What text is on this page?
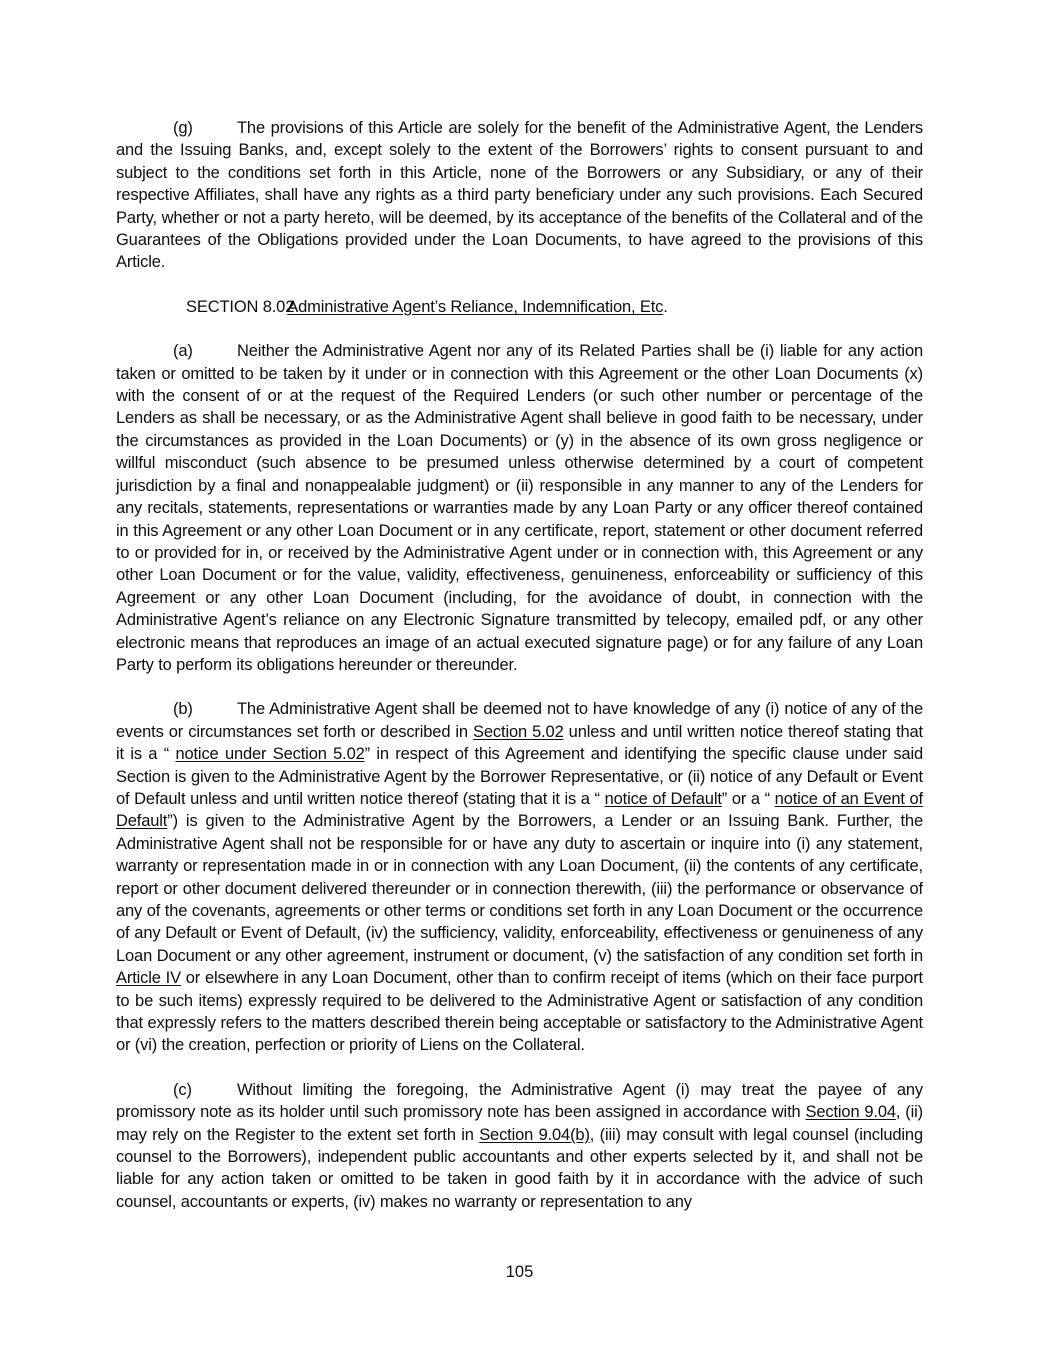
(g)	The provisions of this Article are solely for the benefit of the Administrative Agent, the Lenders and the Issuing Banks, and, except solely to the extent of the Borrowers’ rights to consent pursuant to and subject to the conditions set forth in this Article, none of the Borrowers or any Subsidiary, or any of their respective Affiliates, shall have any rights as a third party beneficiary under any such provisions. Each Secured Party, whether or not a party hereto, will be deemed, by its acceptance of the benefits of the Collateral and of the Guarantees of the Obligations provided under the Loan Documents, to have agreed to the provisions of this Article.

SECTION 8.02Administrative Agent’s Reliance, Indemnification, Etc.

(a)	Neither the Administrative Agent nor any of its Related Parties shall be (i) liable for any action taken or omitted to be taken by it under or in connection with this Agreement or the other Loan Documents (x) with the consent of or at the request of the Required Lenders (or such other number or percentage of the Lenders as shall be necessary, or as the Administrative Agent shall believe in good faith to be necessary, under the circumstances as provided in the Loan Documents) or (y) in the absence of its own gross negligence or willful misconduct (such absence to be presumed unless otherwise determined by a court of competent jurisdiction by a final and nonappealable judgment) or (ii) responsible in any manner to any of the Lenders for any recitals, statements, representations or warranties made by any Loan Party or any officer thereof contained in this Agreement or any other Loan Document or in any certificate, report, statement or other document referred to or provided for in, or received by the Administrative Agent under or in connection with, this Agreement or any other Loan Document or for the value, validity, effectiveness, genuineness, enforceability or sufficiency of this Agreement or any other Loan Document (including, for the avoidance of doubt, in connection with the Administrative Agent’s reliance on any Electronic Signature transmitted by telecopy, emailed pdf, or any other electronic means that reproduces an image of an actual executed signature page) or for any failure of any Loan Party to perform its obligations hereunder or thereunder.

(b)	The Administrative Agent shall be deemed not to have knowledge of any (i) notice of any of the events or circumstances set forth or described in Section 5.02 unless and until written notice thereof stating that it is a “ notice under Section 5.02” in respect of this Agreement and identifying the specific clause under said Section is given to the Administrative Agent by the Borrower Representative, or (ii) notice of any Default or Event of Default unless and until written notice thereof (stating that it is a “ notice of Default” or a “ notice of an Event of Default”) is given to the Administrative Agent by the Borrowers, a Lender or an Issuing Bank. Further, the Administrative Agent shall not be responsible for or have any duty to ascertain or inquire into (i) any statement, warranty or representation made in or in connection with any Loan Document, (ii) the contents of any certificate, report or other document delivered thereunder or in connection therewith, (iii) the performance or observance of any of the covenants, agreements or other terms or conditions set forth in any Loan Document or the occurrence of any Default or Event of Default, (iv) the sufficiency, validity, enforceability, effectiveness or genuineness of any Loan Document or any other agreement, instrument or document, (v) the satisfaction of any condition set forth in Article IV or elsewhere in any Loan Document, other than to confirm receipt of items (which on their face purport to be such items) expressly required to be delivered to the Administrative Agent or satisfaction of any condition that expressly refers to the matters described therein being acceptable or satisfactory to the Administrative Agent or (vi) the creation, perfection or priority of Liens on the Collateral.

(c)	Without limiting the foregoing, the Administrative Agent (i) may treat the payee of any promissory note as its holder until such promissory note has been assigned in accordance with Section 9.04, (ii) may rely on the Register to the extent set forth in Section 9.04(b), (iii) may consult with legal counsel (including counsel to the Borrowers), independent public accountants and other experts selected by it, and shall not be liable for any action taken or omitted to be taken in good faith by it in accordance with the advice of such counsel, accountants or experts, (iv) makes no warranty or representation to any

105
